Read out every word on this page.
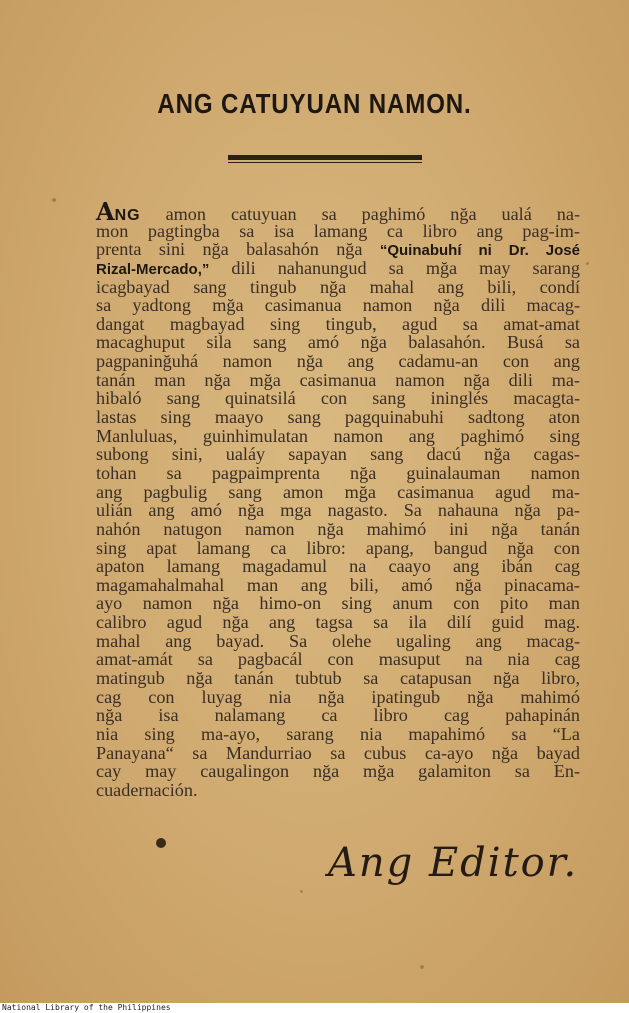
ANG CATUYUAN NAMON.
ANG amon catuyuan sa paghimó nğa ualá na-
mon pagtingba sa isa lamang ca libro ang pag-im-
prenta sini nğa balasahón nğa “Quinabuhí ni Dr. José
Rizal-Mercado,” dili nahanungud sa mğa may sarang
icagbayad sang tingub nğa mahal ang bili, condí
sa yadtong mğa casimanua namon nğa dili macag-
dangat magbayad sing tingub, agud sa amat-amat
macaghuput sila sang amó nğa balasahón. Busá sa
pagpaninğuhá namon nğa ang cadamu-an con ang
tanán man nğa mğa casimanua namon nğa dili ma-
hibaló sang quinatsilá con sang ininglés macagta-
lastas sing maayo sang pagquinabuhi sadtong aton
Manluluas, guinhimulatan namon ang paghimó sing
subong sini, ualáy sapayan sang dacú nğa cagas-
tohan sa pagpaimprenta nğa guinalauman namon
ang pagbulig sang amon mğa casimanua agud ma-
ulián ang amó nğa mga nagasto. Sa nahauna nğa pa-
nahón natugon namon nğa mahimó ini nğa tanán
sing apat lamang ca libro: apang, bangud nğa con
apaton lamang magadamul na caayo ang ibán cag
magamahalmahal man ang bili, amó nğa pinacama-
ayo namon nğa himo-on sing anum con pito man
calibro agud nğa ang tagsa sa ila dilí guid mag.
mahal ang bayad. Sa olehe ugaling ang macag-
amat-amát sa pagbacál con masuput na nia cag
matingub nğa tanán tubtub sa catapusan nğa libro,
cag con luyag nia nğa ipatingub nğa mahimó
nğa isa nalamang ca libro cag pahapinán
nia sing ma-ayo, sarang nia mapahimó sa “La
Panayana“ sa Mandurriao sa cubus ca-ayo nğa bayad
cay may caugalingon nğa mğa galamiton sa En-
cuadernación.
Ang Editor.
National Library of the Philippines
